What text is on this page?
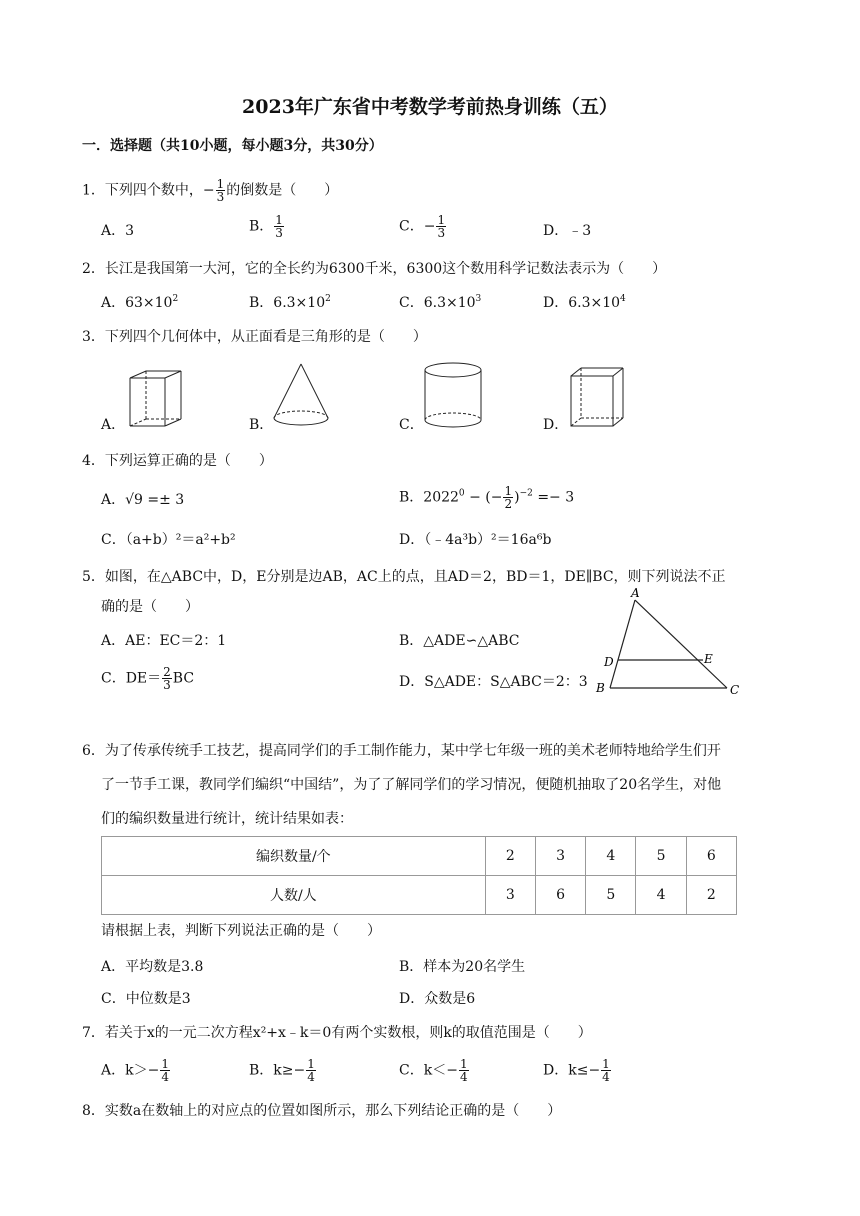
2023年广东省中考数学考前热身训练（五）
一．选择题（共10小题，每小题3分，共30分）
1．下列四个数中，− $\frac{1}{3}$ 的倒数是（　　）
A．3	B． $\frac{1}{3}$	C．− $\frac{1}{3}$	D．﹣3
2．长江是我国第一大河，它的全长约为6300千米，6300这个数用科学记数法表示为（　　）
A．$63\times 10^2$	B．$6.3\times 10^2$	C．$6.3\times 10^3$	D．$6.3\times 10^4$
3．下列四个几何体中，从正面看是三角形的是（　　）
A．	B．	C．	D．
4．下列运算正确的是（　　）
A．√9 =± 3	B．$2022^0$ − (− $\frac{1}{2} )^{-2} =- 3$
C．（a+b）²＝a²+b²	D．（﹣4a³b）²＝16a⁶b
5．如图，在△ABC中，D，E分别是边AB，AC上的点，且AD＝2，BD＝1，DE∥BC，则下列说法不正
确的是（　　）
A．AE：EC＝2：1	B．△ADE∽△ABC
C．$DE= \frac{2}{3}$ BC	D．S△ADE：S△ABC＝2：3
A
D	E
B	C
6．为了传承传统手工技艺，提高同学们的手工制作能力，某中学七年级一班的美术老师特地给学生们开
了一节手工课，教同学们编织“中国结”，为了了解同学们的学习情况，便随机抽取了20名学生，对他
们的编织数量进行统计，统计结果如表：
编织数量/个	2	3	4	5	6
人数/人	3	6	5	4	2
请根据上表，判断下列说法正确的是（　　）
A．平均数是3.8	B．样本为20名学生
C．中位数是3	D．众数是6
7．若关于x的一元二次方程x²+x﹣k＝0有两个实数根，则k的取值范围是（　　）
A．$k>- \frac{1}{4}$	B．$k\ge- \frac{1}{4}$	C．$k<- \frac{1}{4}$	D．$k\le- \frac{1}{4}$
8．实数a在数轴上的对应点的位置如图所示，那么下列结论正确的是（　　）
